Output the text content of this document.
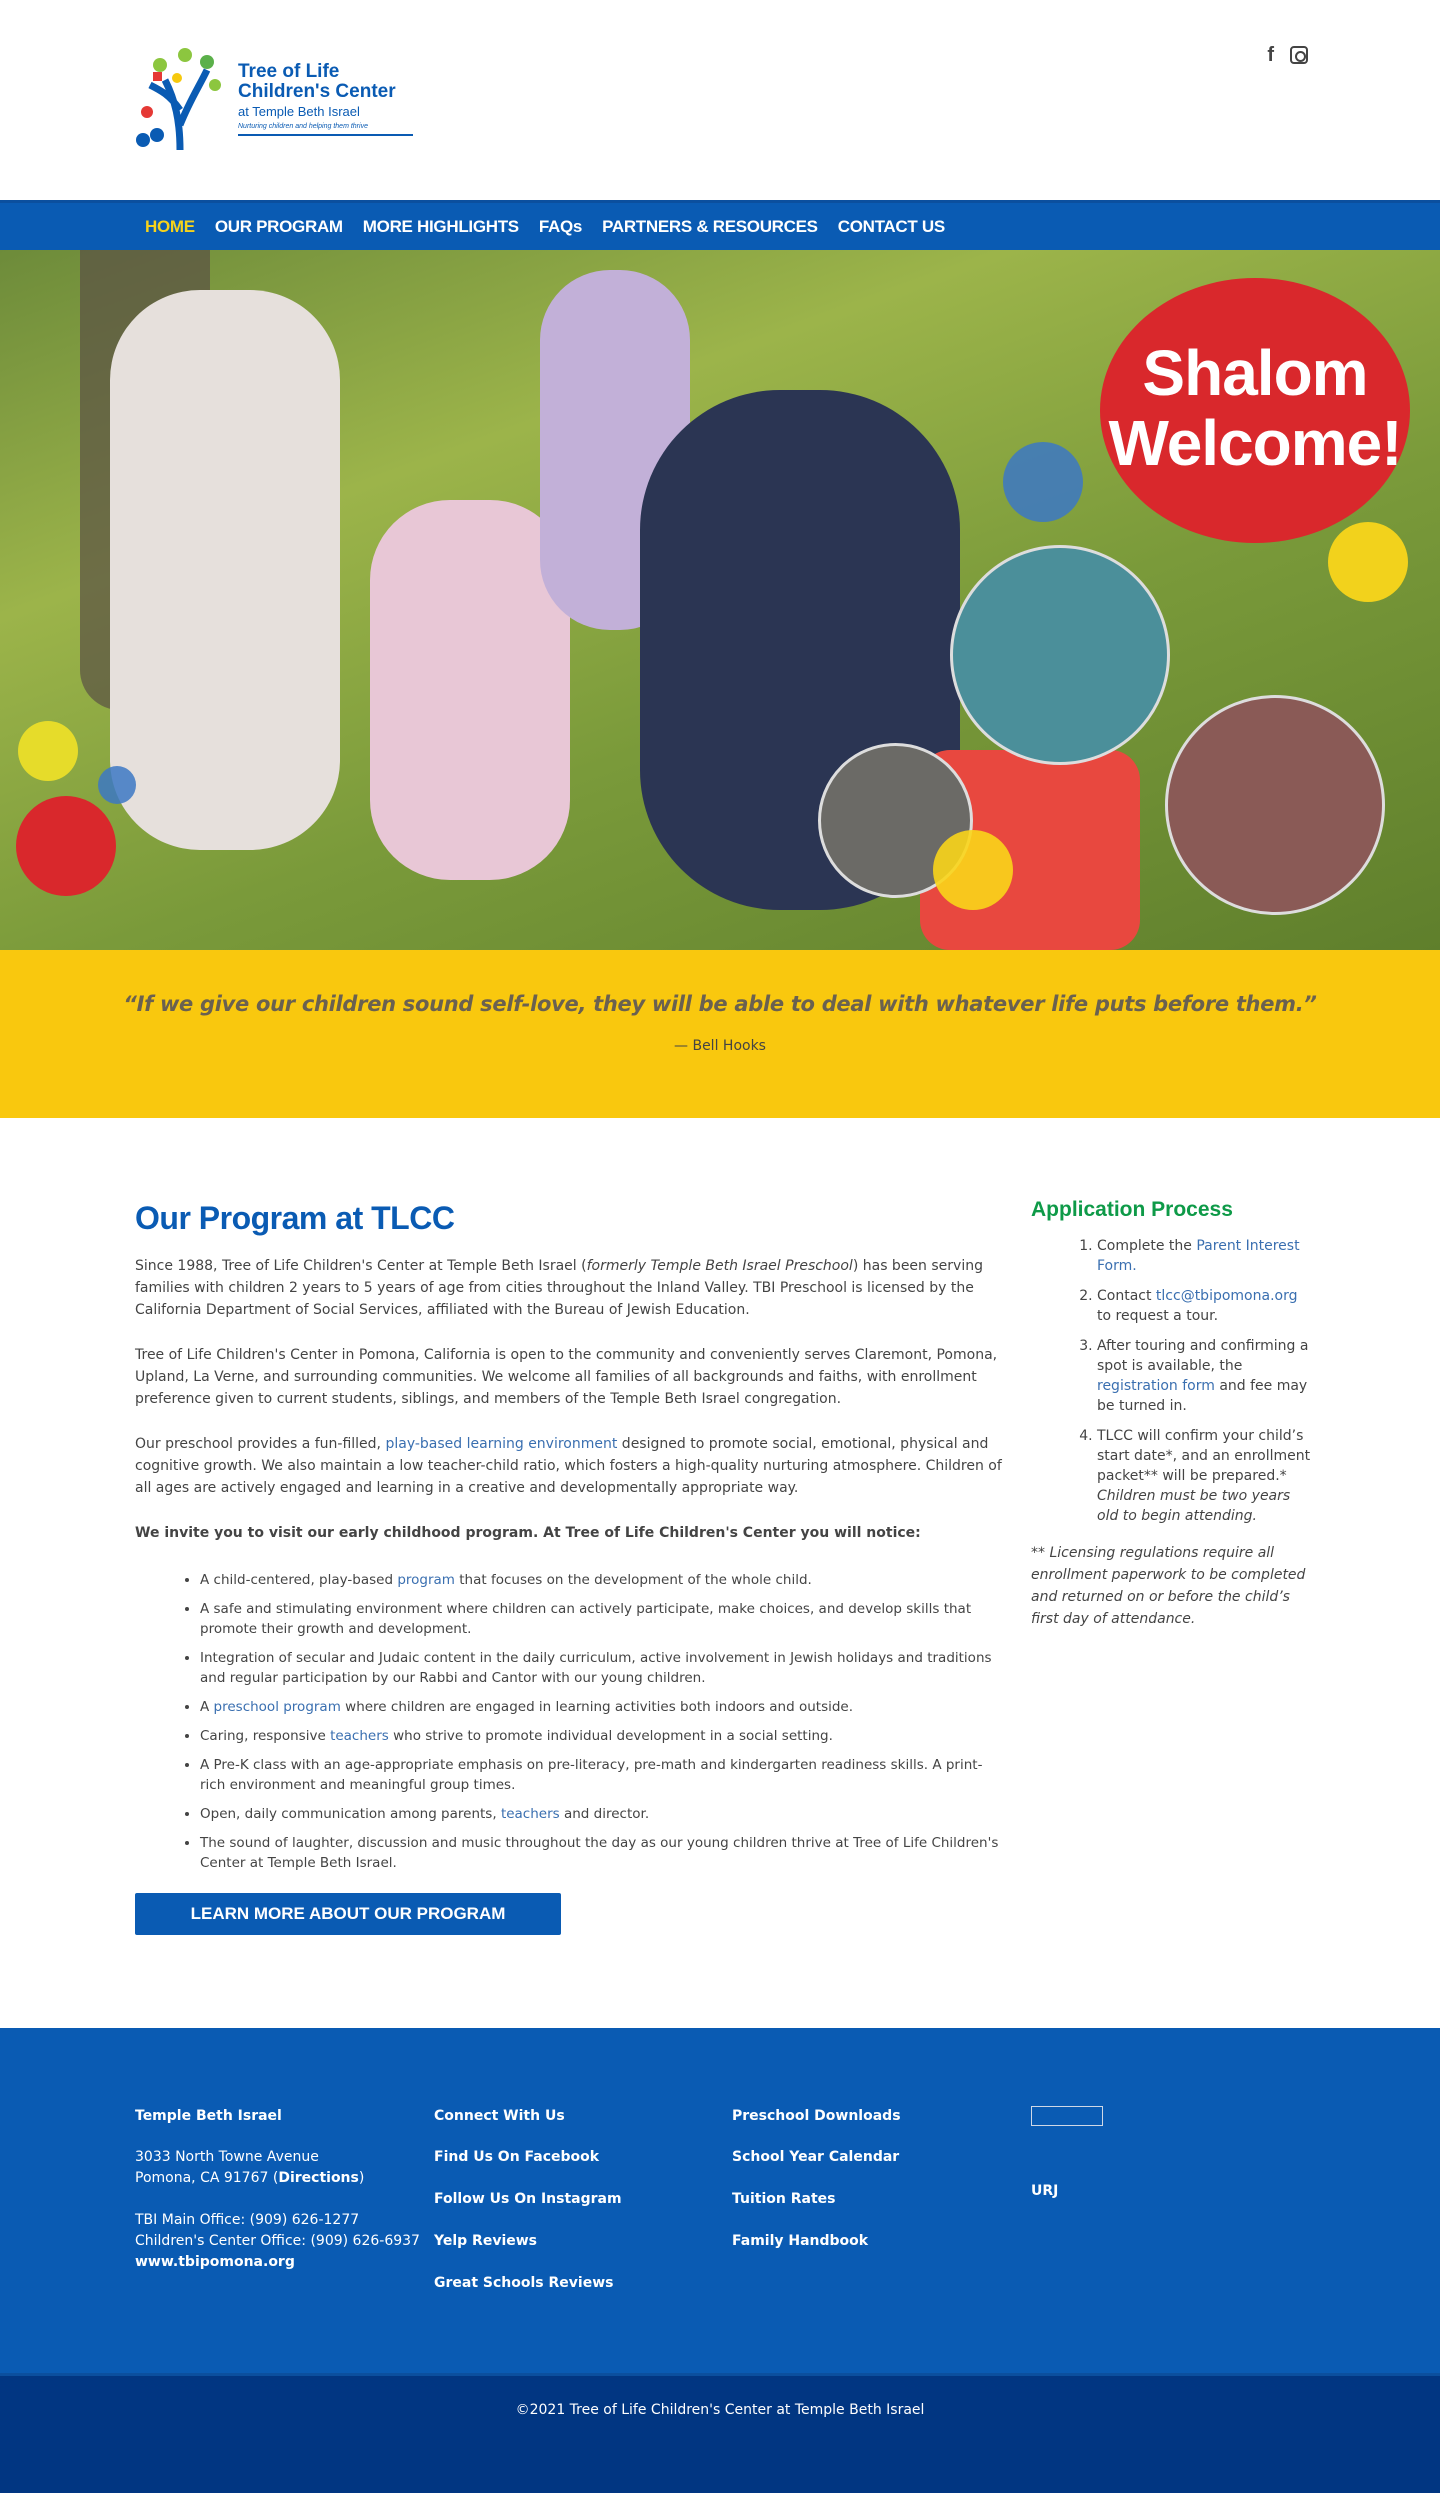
Tree of Life
Children's Center
at Temple Beth Israel
Nurturing children and helping them thrive
f
HOME OUR PROGRAM MORE HIGHLIGHTS FAQs PARTNERS & RESOURCES CONTACT US
Shalom
Welcome!
“If we give our children sound self-love, they will be able to deal with whatever life puts before them.”
— Bell Hooks
Our Program at TLCC

Since 1988, Tree of Life Children's Center at Temple Beth Israel (formerly Temple Beth Israel Preschool) has been serving families with children 2 years to 5 years of age from cities throughout the Inland Valley. TBI Preschool is licensed by the California Department of Social Services, affiliated with the Bureau of Jewish Education.

Tree of Life Children's Center in Pomona, California is open to the community and conveniently serves Claremont, Pomona, Upland, La Verne, and surrounding communities. We welcome all families of all backgrounds and faiths, with enrollment preference given to current students, siblings, and members of the Temple Beth Israel congregation.

Our preschool provides a fun-filled, play-based learning environment designed to promote social, emotional, physical and cognitive growth. We also maintain a low teacher-child ratio, which fosters a high-quality nurturing atmosphere. Children of all ages are actively engaged and learning in a creative and developmentally appropriate way.

We invite you to visit our early childhood program. At Tree of Life Children's Center you will notice:

• A child-centered, play-based program that focuses on the development of the whole child.
• A safe and stimulating environment where children can actively participate, make choices, and develop skills that promote their growth and development.
• Integration of secular and Judaic content in the daily curriculum, active involvement in Jewish holidays and traditions and regular participation by our Rabbi and Cantor with our young children.
• A preschool program where children are engaged in learning activities both indoors and outside.
• Caring, responsive teachers who strive to promote individual development in a social setting.
• A Pre-K class with an age-appropriate emphasis on pre-literacy, pre-math and kindergarten readiness skills. A print-rich environment and meaningful group times.
• Open, daily communication among parents, teachers and director.
• The sound of laughter, discussion and music throughout the day as our young children thrive at Tree of Life Children's Center at Temple Beth Israel.
LEARN MORE ABOUT OUR PROGRAM
Application Process
1. Complete the Parent Interest Form.
2. Contact tlcc@tbipomona.org to request a tour.
3. After touring and confirming a spot is available, the registration form and fee may be turned in.
4. TLCC will confirm your child’s start date*, and an enrollment packet** will be prepared.* Children must be two years old to begin attending.

** Licensing regulations require all enrollment paperwork to be completed and returned on or before the child’s first day of attendance.

Temple Beth Israel
3033 North Towne Avenue
Pomona, CA 91767 (Directions)
TBI Main Office: (909) 626-1277
Children's Center Office: (909) 626-6937
www.tbipomona.org
Connect With Us
Find Us On Facebook
Follow Us On Instagram
Yelp Reviews
Great Schools Reviews
Preschool Downloads
School Year Calendar
Tuition Rates
Family Handbook
URJ
©2021 Tree of Life Children's Center at Temple Beth Israel
